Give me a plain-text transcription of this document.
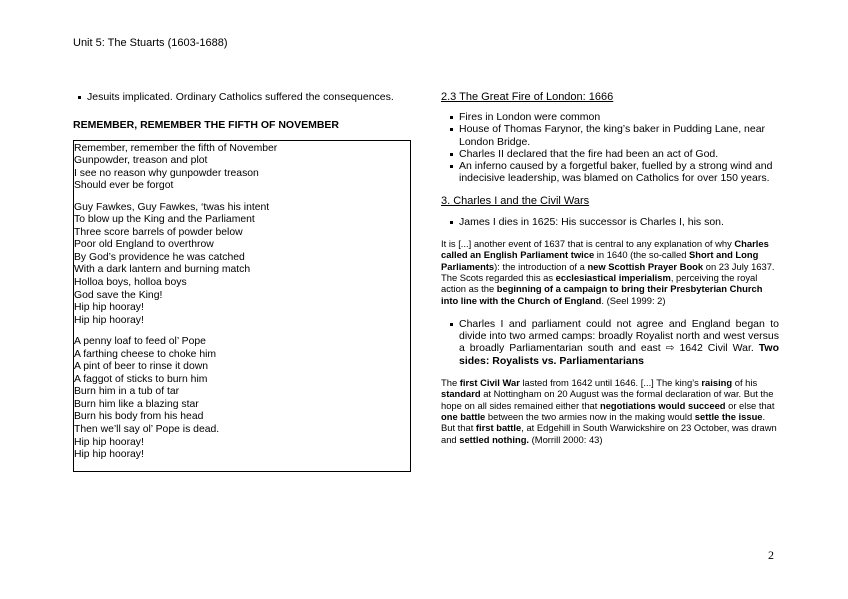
Unit 5: The Stuarts (1603-1688)
Jesuits implicated. Ordinary Catholics suffered the consequences.
REMEMBER, REMEMBER THE FIFTH OF NOVEMBER
Remember, remember the fifth of November
Gunpowder, treason and plot
I see no reason why gunpowder treason
Should ever be forgot
Guy Fawkes, Guy Fawkes, ‘twas his intent
To blow up the King and the Parliament
Three score barrels of powder below
Poor old England to overthrow
By God’s providence he was catched
With a dark lantern and burning match
Holloa boys, holloa boys
God save the King!
Hip hip hooray!
Hip hip hooray!
A penny loaf to feed ol’ Pope
A farthing cheese to choke him
A pint of beer to rinse it down
A faggot of sticks to burn him
Burn him in a tub of tar
Burn him like a blazing star
Burn his body from his head
Then we’ll say ol’ Pope is dead.
Hip hip hooray!
Hip hip hooray!
2.3 The Great Fire of London: 1666
Fires in London were common
House of Thomas Farynor, the king’s baker in Pudding Lane, near London Bridge.
Charles II declared that the fire had been an act of God.
An inferno caused by a forgetful baker, fuelled by a strong wind and indecisive leadership, was blamed on Catholics for over 150 years.
3. Charles I and the Civil Wars
James I dies in 1625: His successor is Charles I, his son.

It is [...] another event of 1637 that is central to any explanation of why Charles called an English Parliament twice in 1640 (the so-called Short and Long Parliaments): the introduction of a new Scottish Prayer Book on 23 July 1637. The Scots regarded this as ecclesiastical imperialism, perceiving the royal action as the beginning of a campaign to bring their Presbyterian Church into line with the Church of England. (Seel 1999: 2)

Charles I and parliament could not agree and England began to divide into two armed camps: broadly Royalist north and west versus a broadly Parliamentarian south and east ⇨ 1642 Civil War. Two sides: Royalists vs. Parliamentarians

The first Civil War lasted from 1642 until 1646. [...] The king’s raising of his standard at Nottingham on 20 August was the formal declaration of war. But the hope on all sides remained either that negotiations would succeed or else that one battle between the two armies now in the making would settle the issue. But that first battle, at Edgehill in South Warwickshire on 23 October, was drawn and settled nothing. (Morrill 2000: 43)

2
